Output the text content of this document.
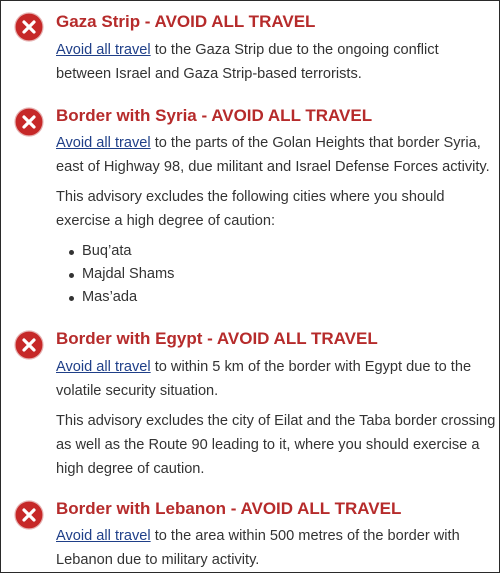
Gaza Strip - AVOID ALL TRAVEL
Avoid all travel to the Gaza Strip due to the ongoing conflict
between Israel and Gaza Strip-based terrorists.
Border with Syria - AVOID ALL TRAVEL
Avoid all travel to the parts of the Golan Heights that border Syria,
east of Highway 98, due militant and Israel Defense Forces activity.
This advisory excludes the following cities where you should
exercise a high degree of caution:
Buq’ata
Majdal Shams
Mas’ada
Border with Egypt - AVOID ALL TRAVEL
Avoid all travel to within 5 km of the border with Egypt due to the
volatile security situation.
This advisory excludes the city of Eilat and the Taba border crossing
as well as the Route 90 leading to it, where you should exercise a
high degree of caution.
Border with Lebanon - AVOID ALL TRAVEL
Avoid all travel to the area within 500 metres of the border with
Lebanon due to military activity.
